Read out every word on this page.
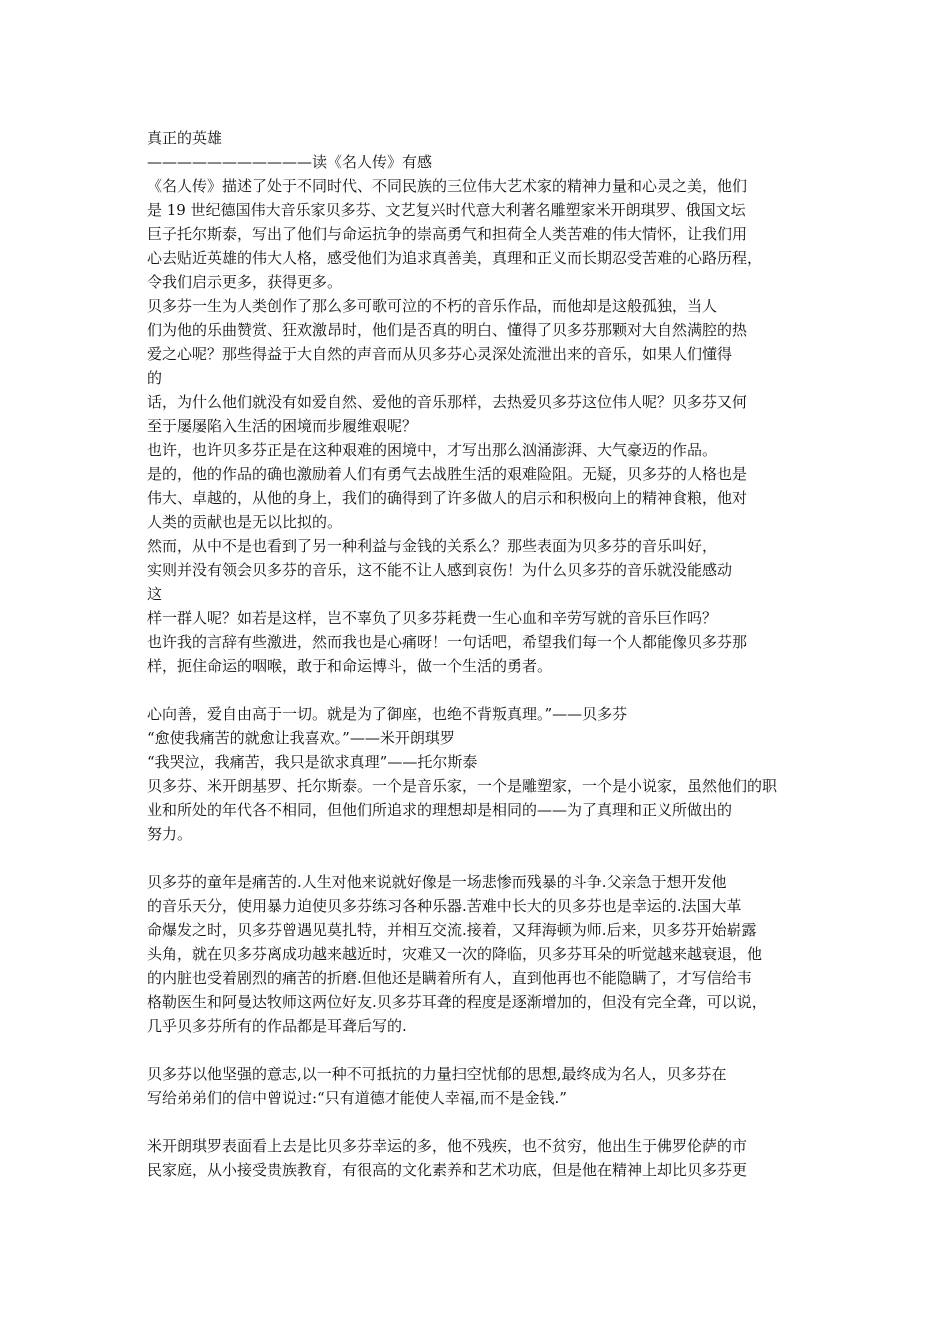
真正的英雄
———————————读《名人传》有感
《名人传》描述了处于不同时代、不同民族的三位伟大艺术家的精神力量和心灵之美，他们
是 19 世纪德国伟大音乐家贝多芬、文艺复兴时代意大利著名雕塑家米开朗琪罗、俄国文坛
巨子托尔斯泰，写出了他们与命运抗争的崇高勇气和担荷全人类苦难的伟大情怀，让我们用
心去贴近英雄的伟大人格，感受他们为追求真善美，真理和正义而长期忍受苦难的心路历程，
令我们启示更多，获得更多。
贝多芬一生为人类创作了那么多可歌可泣的不朽的音乐作品，而他却是这般孤独，当人
们为他的乐曲赞赏、狂欢激昂时，他们是否真的明白、懂得了贝多芬那颗对大自然满腔的热
爱之心呢？那些得益于大自然的声音而从贝多芬心灵深处流泄出来的音乐，如果人们懂得
的
话，为什么他们就没有如爱自然、爱他的音乐那样，去热爱贝多芬这位伟人呢？贝多芬又何
至于屡屡陷入生活的困境而步履维艰呢？
也许，也许贝多芬正是在这种艰难的困境中，才写出那么汹涌澎湃、大气豪迈的作品。
是的，他的作品的确也激励着人们有勇气去战胜生活的艰难险阻。无疑，贝多芬的人格也是
伟大、卓越的，从他的身上，我们的确得到了许多做人的启示和积极向上的精神食粮，他对
人类的贡献也是无以比拟的。
然而，从中不是也看到了另一种利益与金钱的关系么？那些表面为贝多芬的音乐叫好，
实则并没有领会贝多芬的音乐，这不能不让人感到哀伤！为什么贝多芬的音乐就没能感动
这
样一群人呢？如若是这样，岂不辜负了贝多芬耗费一生心血和辛劳写就的音乐巨作吗？
也许我的言辞有些激进，然而我也是心痛呀！一句话吧，希望我们每一个人都能像贝多芬那
样，扼住命运的咽喉，敢于和命运博斗，做一个生活的勇者。
心向善，爱自由高于一切。就是为了御座，也绝不背叛真理。”——贝多芬
“愈使我痛苦的就愈让我喜欢。”——米开朗琪罗
“我哭泣，我痛苦，我只是欲求真理”——托尔斯泰
贝多芬、米开朗基罗、托尔斯泰。一个是音乐家，一个是雕塑家，一个是小说家，虽然他们的职
业和所处的年代各不相同，但他们所追求的理想却是相同的——为了真理和正义所做出的
努力。
贝多芬的童年是痛苦的.人生对他来说就好像是一场悲惨而残暴的斗争.父亲急于想开发他
的音乐天分，使用暴力迫使贝多芬练习各种乐器.苦难中长大的贝多芬也是幸运的.法国大革
命爆发之时，贝多芬曾遇见莫扎特，并相互交流.接着，又拜海顿为师.后来，贝多芬开始崭露
头角，就在贝多芬离成功越来越近时，灾难又一次的降临，贝多芬耳朵的听觉越来越衰退，他
的内脏也受着剧烈的痛苦的折磨.但他还是瞒着所有人，直到他再也不能隐瞒了，才写信给韦
格勒医生和阿曼达牧师这两位好友.贝多芬耳聋的程度是逐渐增加的，但没有完全聋，可以说，
几乎贝多芬所有的作品都是耳聋后写的.
贝多芬以他坚强的意志,以一种不可抵抗的力量扫空忧郁的思想,最终成为名人，贝多芬在
写给弟弟们的信中曾说过:“只有道德才能使人幸福,而不是金钱.”
米开朗琪罗表面看上去是比贝多芬幸运的多，他不残疾，也不贫穷，他出生于佛罗伦萨的市
民家庭，从小接受贵族教育，有很高的文化素养和艺术功底，但是他在精神上却比贝多芬更
